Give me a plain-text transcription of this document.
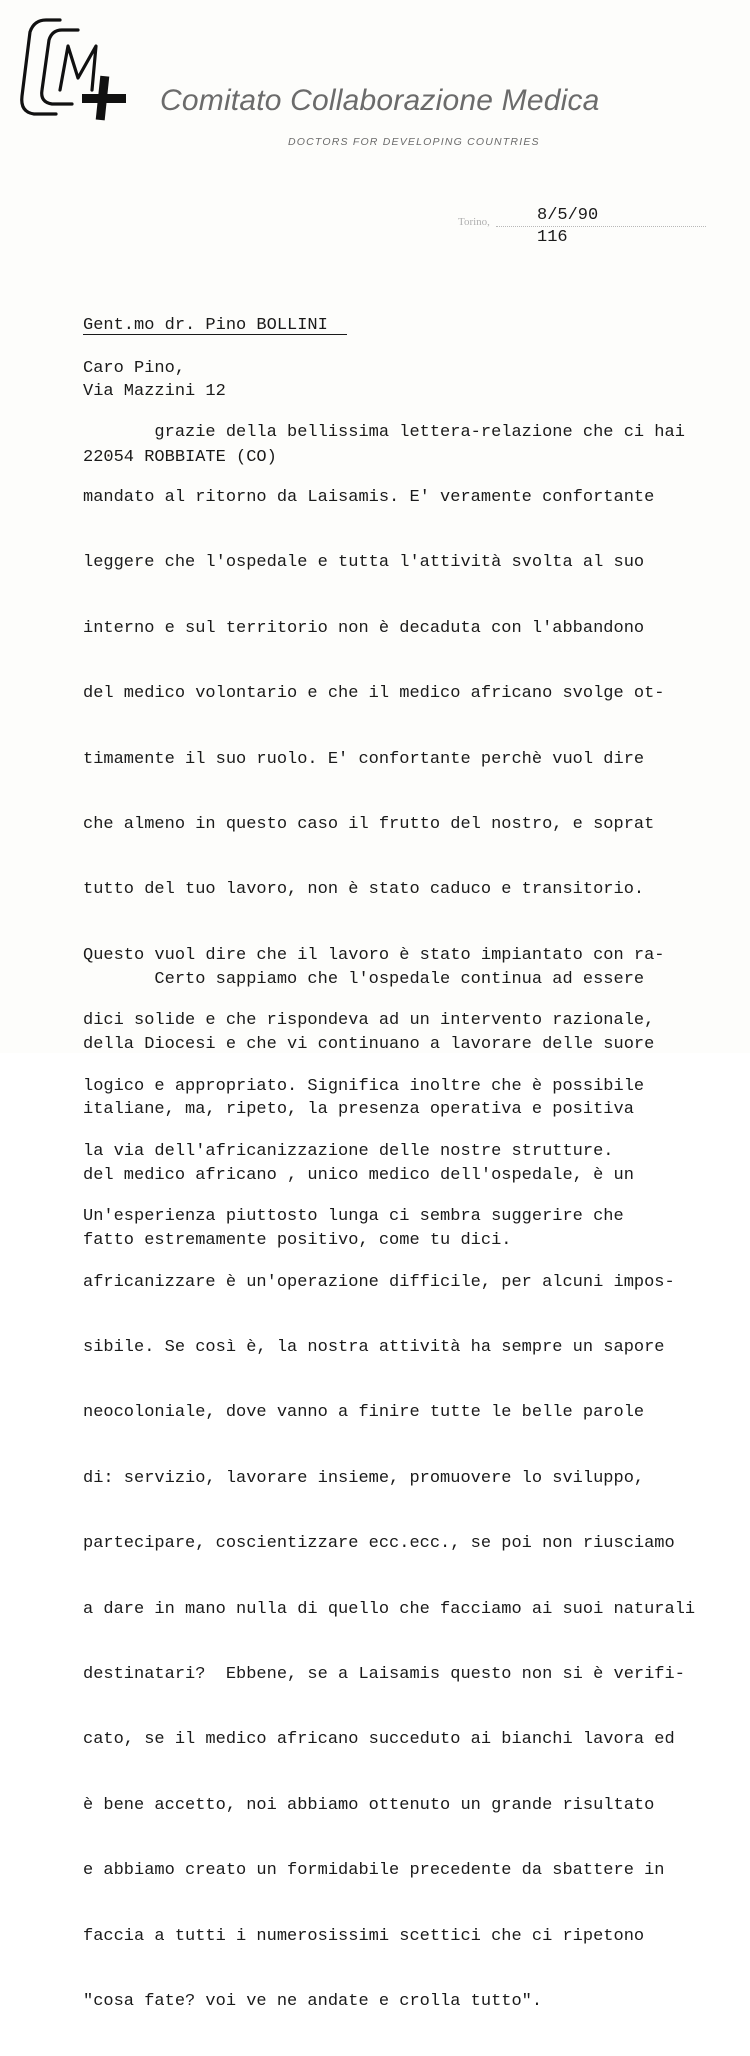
Comitato Collaborazione Medica
DOCTORS FOR DEVELOPING COUNTRIES
Torino,	8/5/90
116

Gent.mo dr. Pino BOLLINI

Via Mazzini 12

22054 ROBBIATE (CO)

Caro Pino,

grazie della bellissima lettera-relazione che ci hai

mandato al ritorno da Laisamis. E' veramente confortante

leggere che l'ospedale e tutta l'attività svolta al suo

interno e sul territorio non è decaduta con l'abbandono

del medico volontario e che il medico africano svolge ot-

timamente il suo ruolo. E' confortante perchè vuol dire

che almeno in questo caso il frutto del nostro, e soprat

tutto del tuo lavoro, non è stato caduco e transitorio.

Questo vuol dire che il lavoro è stato impiantato con ra-

dici solide e che rispondeva ad un intervento razionale,

logico e appropriato. Significa inoltre che è possibile

la via dell'africanizzazione delle nostre strutture.

Un'esperienza piuttosto lunga ci sembra suggerire che

africanizzare è un'operazione difficile, per alcuni impos-

sibile. Se così è, la nostra attività ha sempre un sapore

neocoloniale, dove vanno a finire tutte le belle parole

di: servizio, lavorare insieme, promuovere lo sviluppo,

partecipare, coscientizzare ecc.ecc., se poi non riusciamo

a dare in mano nulla di quello che facciamo ai suoi naturali

destinatari?  Ebbene, se a Laisamis questo non si è verifi-

cato, se il medico africano succeduto ai bianchi lavora ed

è bene accetto, noi abbiamo ottenuto un grande risultato

e abbiamo creato un formidabile precedente da sbattere in

faccia a tutti i numerosissimi scettici che ci ripetono

"cosa fate? voi ve ne andate e crolla tutto".

Certo sappiamo che l'ospedale continua ad essere

della Diocesi e che vi continuano a lavorare delle suore

italiane, ma, ripeto, la presenza operativa e positiva

del medico africano , unico medico dell'ospedale, è un

fatto estremamente positivo, come tu dici.
